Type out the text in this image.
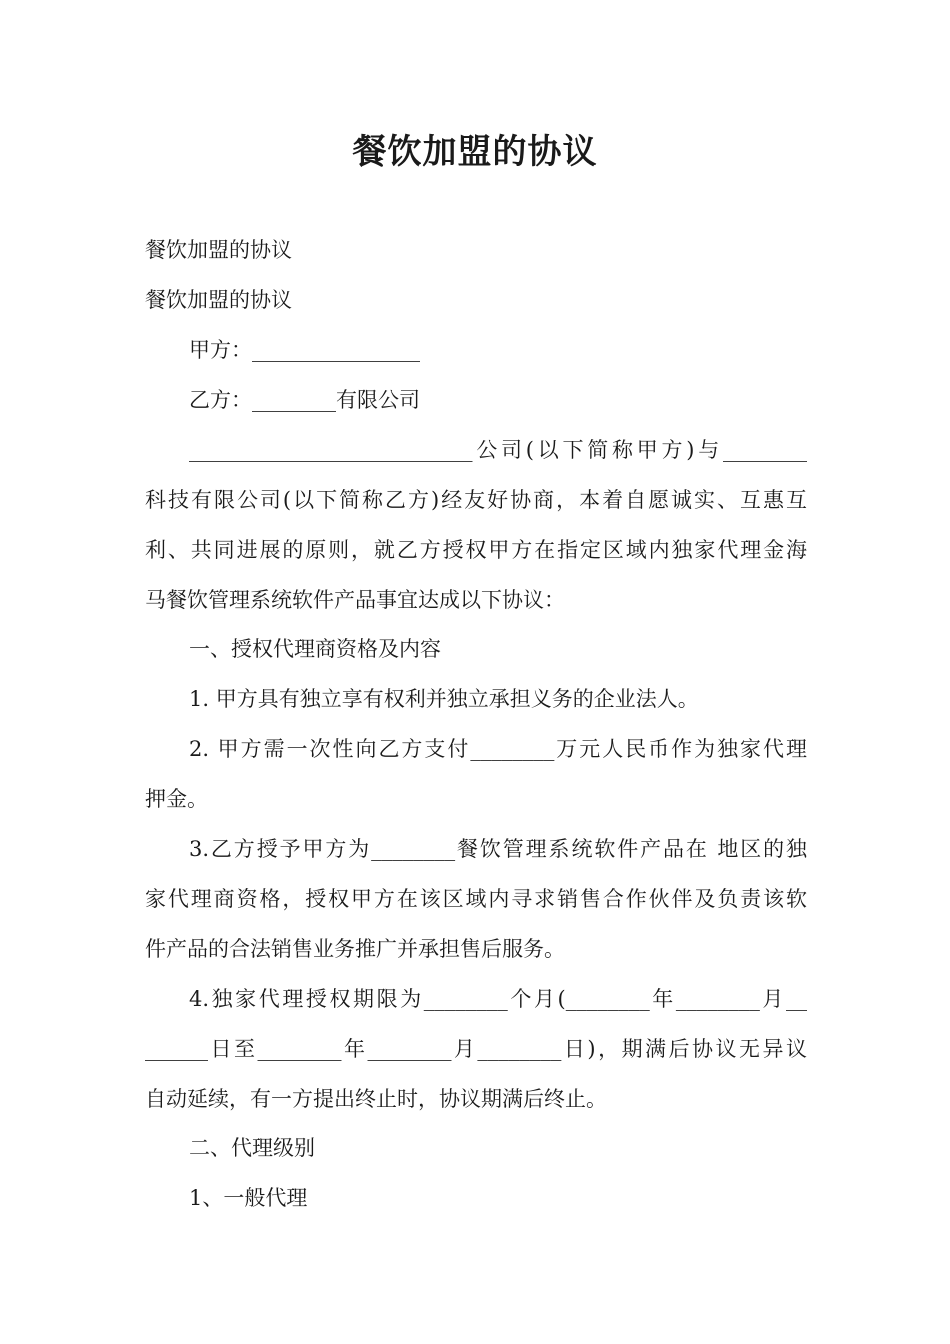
餐饮加盟的协议
餐饮加盟的协议
餐饮加盟的协议
甲方：________________
乙方：________有限公司
___________________________公司(以下简称甲方)与________
科技有限公司(以下简称乙方)经友好协商，本着自愿诚实、互惠互
利、共同进展的原则，就乙方授权甲方在指定区域内独家代理金海
马餐饮管理系统软件产品事宜达成以下协议：
一、授权代理商资格及内容
1. 甲方具有独立享有权利并独立承担义务的企业法人。
2. 甲方需一次性向乙方支付________万元人民币作为独家代理
押金。
3.乙方授予甲方为________餐饮管理系统软件产品在 地区的独
家代理商资格，授权甲方在该区域内寻求销售合作伙伴及负责该软
件产品的合法销售业务推广并承担售后服务。
4.独家代理授权期限为________个月(________年________月__
______日至________年________月________日)，期满后协议无异议
自动延续，有一方提出终止时，协议期满后终止。
二、代理级别
1、一般代理
